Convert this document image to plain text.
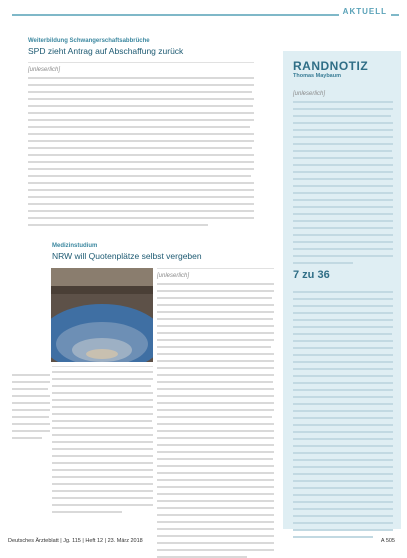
AKTUELL
Weiterbildung Schwangerschaftsabbrüche
SPD zieht Antrag auf Abschaffung zurück
[unleserlich]
Medizinstudium
NRW will Quotenplätze selbst vergeben
[unleserlich]
RANDNOTIZ
Thomas Maybaum
[unleserlich]
7 zu 36
Deutsches Ärzteblatt | Jg. 115 | Heft 12 | 23. März 2018	A 505
